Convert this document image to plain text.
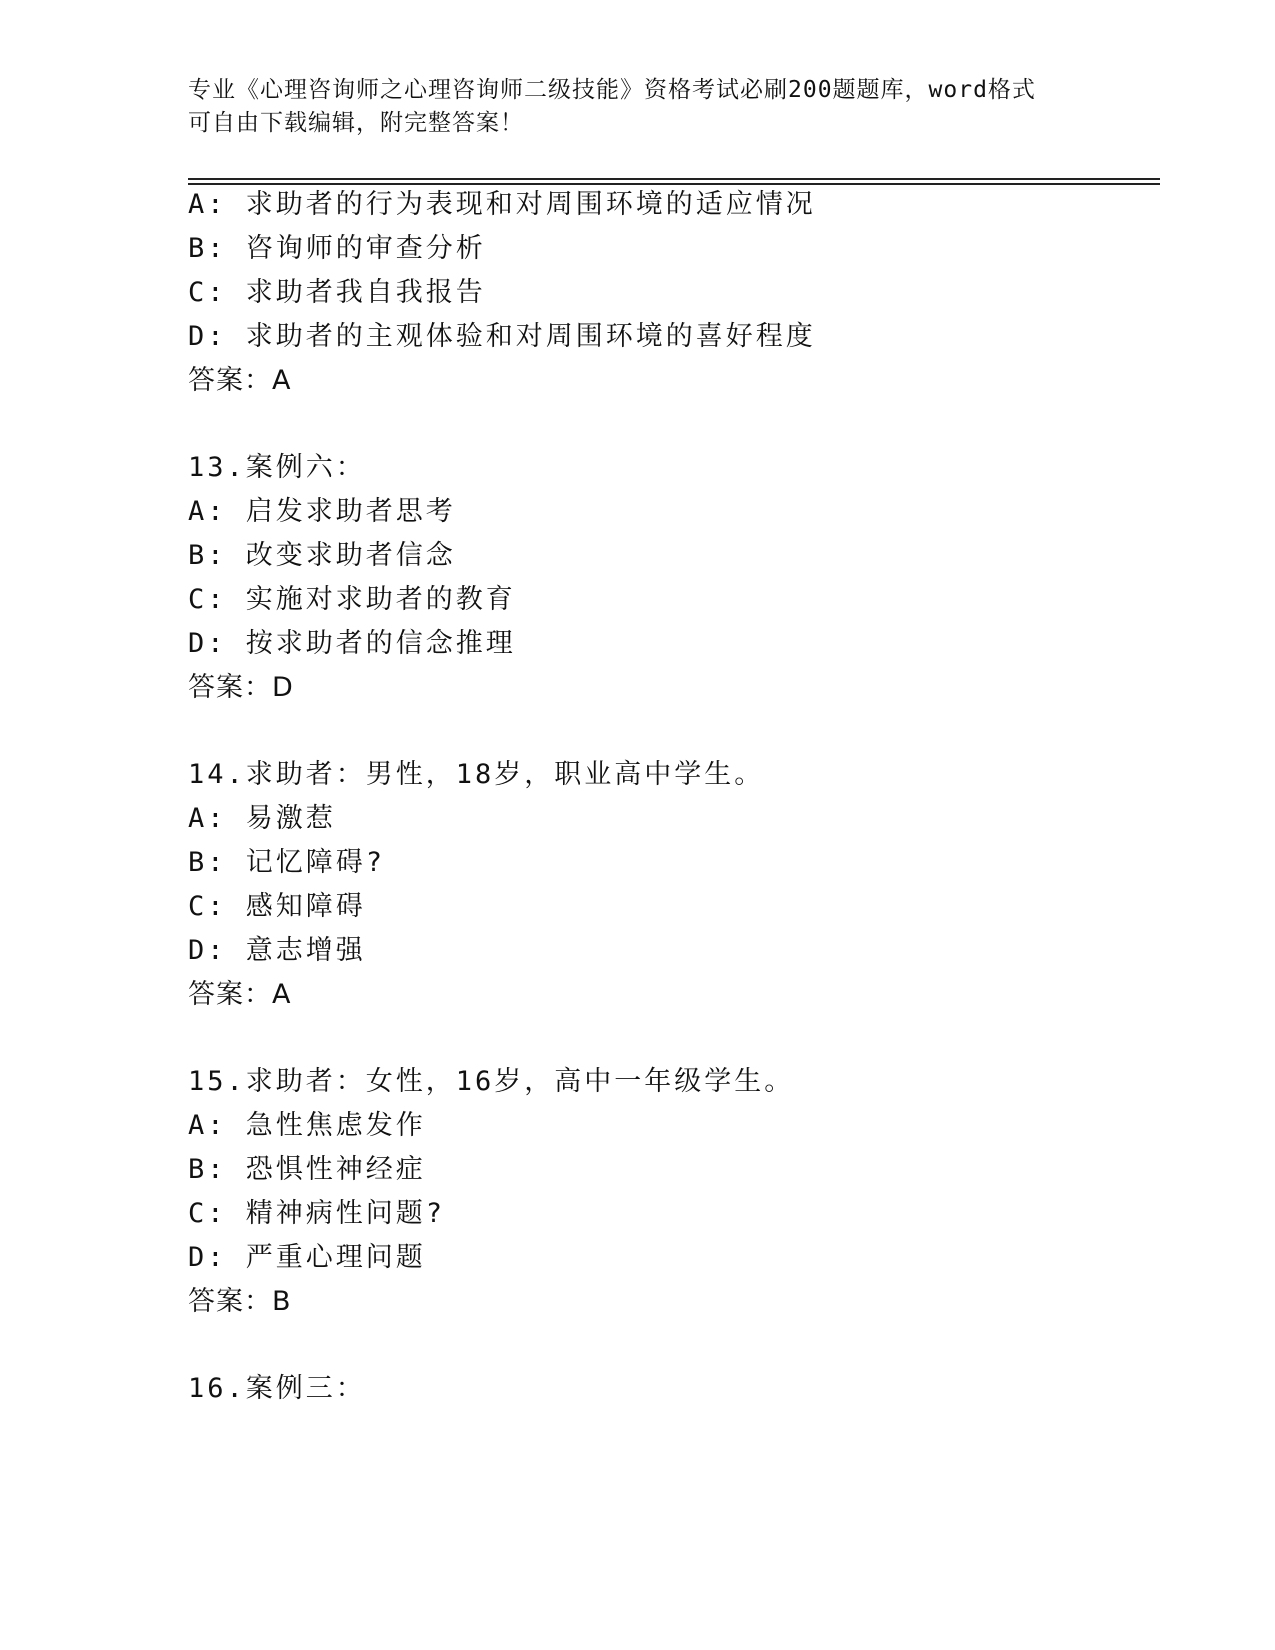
专业《心理咨询师之心理咨询师二级技能》资格考试必刷200题题库，word格式
可自由下载编辑，附完整答案！
A: 求助者的行为表现和对周围环境的适应情况
B: 咨询师的审查分析
C: 求助者我自我报告
D: 求助者的主观体验和对周围环境的喜好程度
答案：A
13.案例六：
A: 启发求助者思考
B: 改变求助者信念
C: 实施对求助者的教育
D: 按求助者的信念推理
答案：D
14.求助者：男性，18岁，职业高中学生。
A: 易激惹
B: 记忆障碍?
C: 感知障碍
D: 意志增强
答案：A
15.求助者：女性，16岁，高中一年级学生。
A: 急性焦虑发作
B: 恐惧性神经症
C: 精神病性问题?
D: 严重心理问题
答案：B
16.案例三：
